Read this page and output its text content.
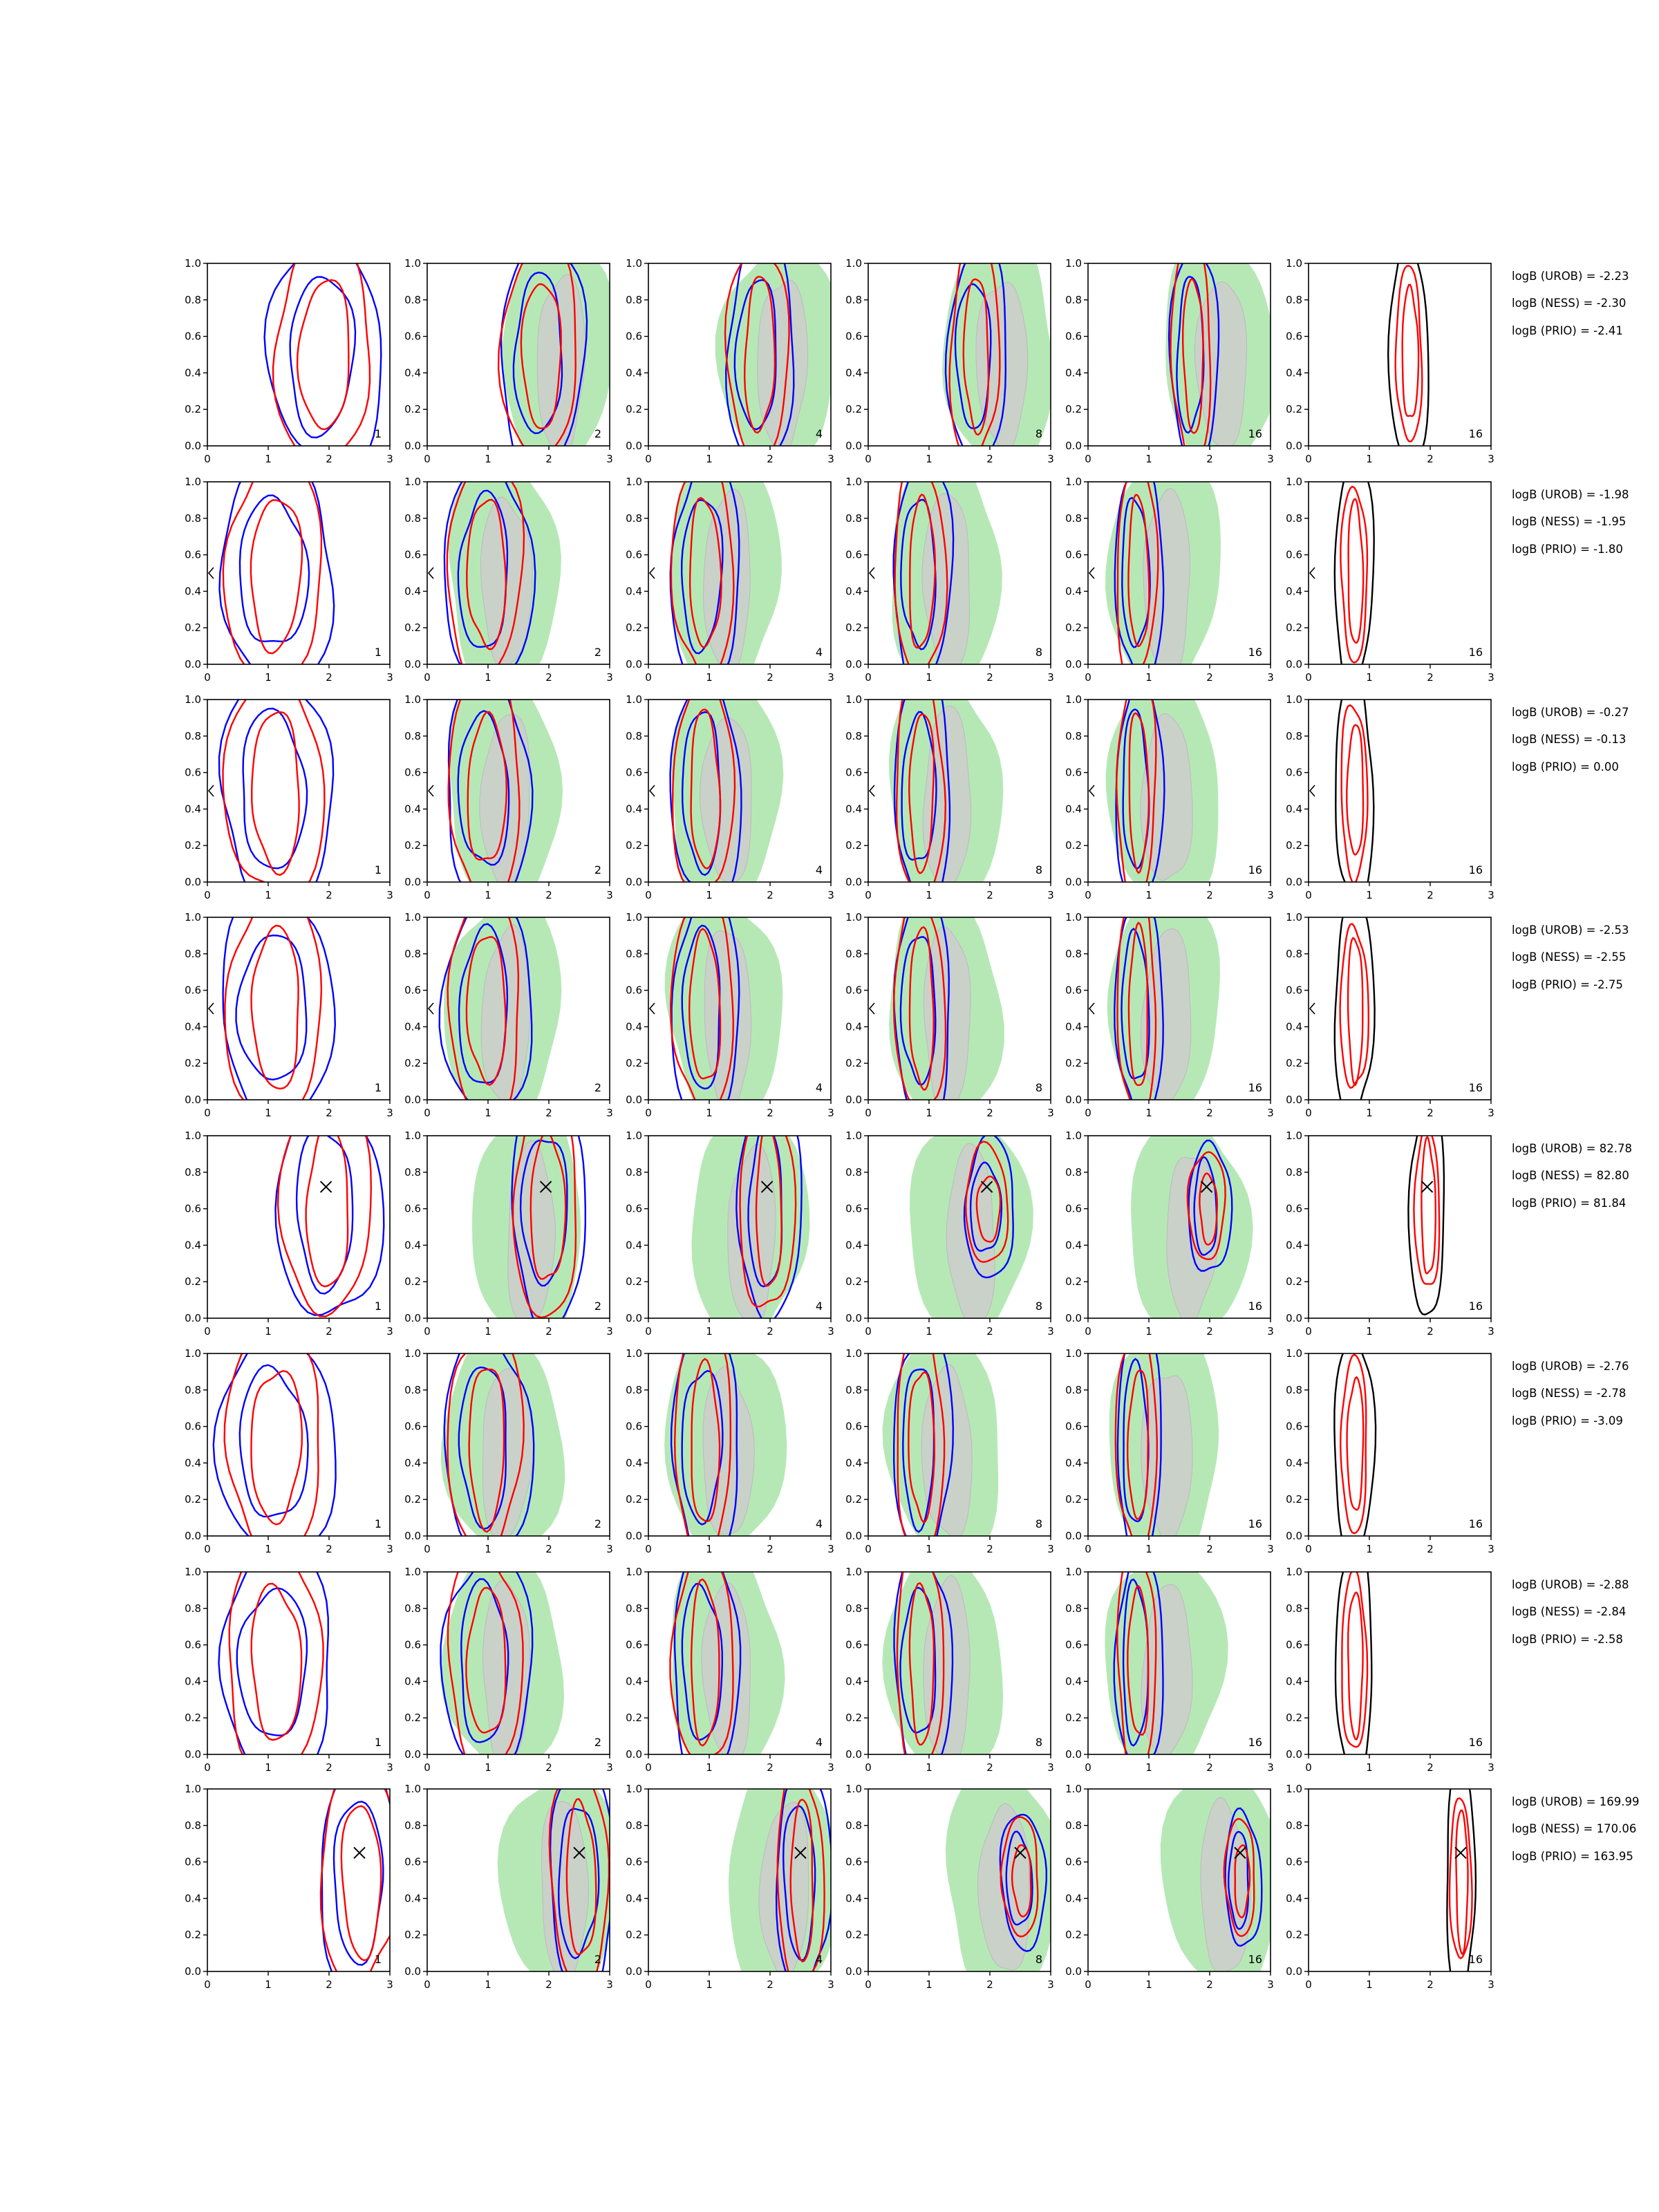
0	1	2	3
0.0
0.2
0.4
0.6
0.8
1.0
1
0	1	2	3
0.0
0.2
0.4
0.6
0.8
1.0
2
0	1	2	3
0.0
0.2
0.4
0.6
0.8
1.0
4
0	1	2	3
0.0
0.2
0.4
0.6
0.8
1.0
8
0	1	2	3
0.0
0.2
0.4
0.6
0.8
1.0
16
0	1	2	3
0.0
0.2
0.4
0.6
0.8
1.0
16
logB (UROB) = -2.23
logB (NESS) = -2.30
logB (PRIO) = -2.41
0	1	2	3
0.0
0.2
0.4
0.6
0.8
1.0
1
0	1	2	3
0.0
0.2
0.4
0.6
0.8
1.0
2
0	1	2	3
0.0
0.2
0.4
0.6
0.8
1.0
4
0	1	2	3
0.0
0.2
0.4
0.6
0.8
1.0
8
0	1	2	3
0.0
0.2
0.4
0.6
0.8
1.0
16
0	1	2	3
0.0
0.2
0.4
0.6
0.8
1.0
16
logB (UROB) = -1.98
logB (NESS) = -1.95
logB (PRIO) = -1.80
0	1	2	3
0.0
0.2
0.4
0.6
0.8
1.0
1
0	1	2	3
0.0
0.2
0.4
0.6
0.8
1.0
2
0	1	2	3
0.0
0.2
0.4
0.6
0.8
1.0
4
0	1	2	3
0.0
0.2
0.4
0.6
0.8
1.0
8
0	1	2	3
0.0
0.2
0.4
0.6
0.8
1.0
16
0	1	2	3
0.0
0.2
0.4
0.6
0.8
1.0
16
logB (UROB) = -0.27
logB (NESS) = -0.13
logB (PRIO) = 0.00
0	1	2	3
0.0
0.2
0.4
0.6
0.8
1.0
1
0	1	2	3
0.0
0.2
0.4
0.6
0.8
1.0
2
0	1	2	3
0.0
0.2
0.4
0.6
0.8
1.0
4
0	1	2	3
0.0
0.2
0.4
0.6
0.8
1.0
8
0	1	2	3
0.0
0.2
0.4
0.6
0.8
1.0
16
0	1	2	3
0.0
0.2
0.4
0.6
0.8
1.0
16
logB (UROB) = -2.53
logB (NESS) = -2.55
logB (PRIO) = -2.75
0	1	2	3
0.0
0.2
0.4
0.6
0.8
1.0
1
0	1	2	3
0.0
0.2
0.4
0.6
0.8
1.0
2
0	1	2	3
0.0
0.2
0.4
0.6
0.8
1.0
4
0	1	2	3
0.0
0.2
0.4
0.6
0.8
1.0
8
0	1	2	3
0.0
0.2
0.4
0.6
0.8
1.0
16
0	1	2	3
0.0
0.2
0.4
0.6
0.8
1.0
16
logB (UROB) = 82.78
logB (NESS) = 82.80
logB (PRIO) = 81.84
0	1	2	3
0.0
0.2
0.4
0.6
0.8
1.0
1
0	1	2	3
0.0
0.2
0.4
0.6
0.8
1.0
2
0	1	2	3
0.0
0.2
0.4
0.6
0.8
1.0
4
0	1	2	3
0.0
0.2
0.4
0.6
0.8
1.0
8
0	1	2	3
0.0
0.2
0.4
0.6
0.8
1.0
16
0	1	2	3
0.0
0.2
0.4
0.6
0.8
1.0
16
logB (UROB) = -2.76
logB (NESS) = -2.78
logB (PRIO) = -3.09
0	1	2	3
0.0
0.2
0.4
0.6
0.8
1.0
1
0	1	2	3
0.0
0.2
0.4
0.6
0.8
1.0
2
0	1	2	3
0.0
0.2
0.4
0.6
0.8
1.0
4
0	1	2	3
0.0
0.2
0.4
0.6
0.8
1.0
8
0	1	2	3
0.0
0.2
0.4
0.6
0.8
1.0
16
0	1	2	3
0.0
0.2
0.4
0.6
0.8
1.0
16
logB (UROB) = -2.88
logB (NESS) = -2.84
logB (PRIO) = -2.58
0	1	2	3
0.0
0.2
0.4
0.6
0.8
1.0
1
0	1	2	3
0.0
0.2
0.4
0.6
0.8
1.0
2
0	1	2	3
0.0
0.2
0.4
0.6
0.8
1.0
4
0	1	2	3
0.0
0.2
0.4
0.6
0.8
1.0
8
0	1	2	3
0.0
0.2
0.4
0.6
0.8
1.0
16
0	1	2	3
0.0
0.2
0.4
0.6
0.8
1.0
16
logB (UROB) = 169.99
logB (NESS) = 170.06
logB (PRIO) = 163.95
